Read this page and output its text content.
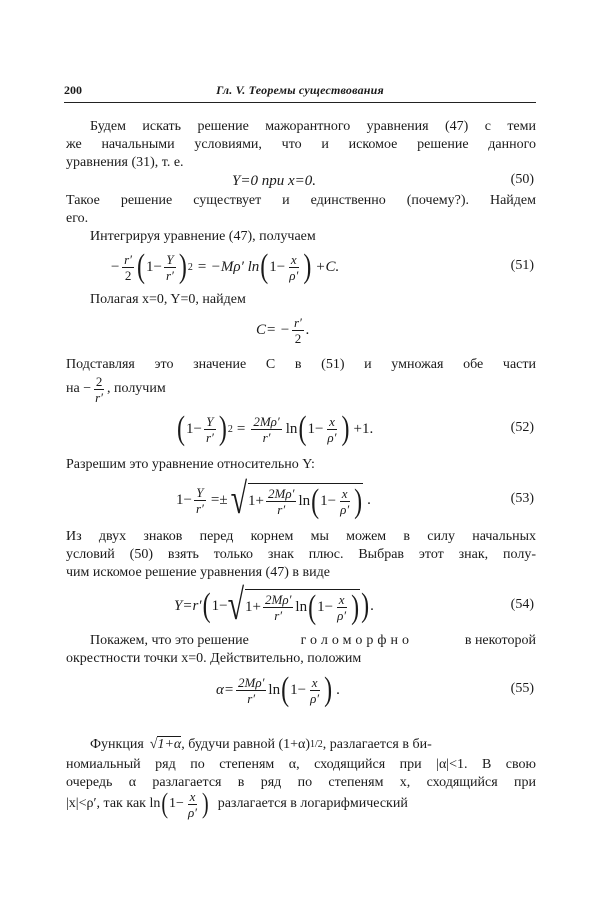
200	Гл. V. Теоремы существования
Будем искать решение мажорантного уравнения (47) с теми
же начальными условиями, что и искомое решение данного
уравнения (31), т. е.
Y=0 при x=0.	(50)
Такое решение существует и единственно (почему?). Найдем
его.
Интегрируя уравнение (47), получаем
− $\frac{r'}{2}$ ( $1- \frac{Y}{r'}$ ) 2 = −Mρ′ ln ( $1- \frac{x}{\rho'}$ ) +C.	(51)
Полагая x=0, Y=0, найдем
$C= - \frac{r'}{2}$ .
Подставляя это значение C в (51) и умножая обе части
на − $\frac{2}{r'}$ , получим
( $1- \frac{Y}{r'}$ ) $2 = \frac{2M\rho'}{r'}$ ln ( $1- \frac{x}{\rho'}$ ) +1.	(52)
Разрешим это уравнение относительно Y:
$1- \frac{Y}{r'}$ =± √ $1+ \frac{2M\rho'}{r'}$ ln ( $1- \frac{x}{\rho'}$ ) .	(53)
Из двух знаков перед корнем мы можем в силу начальных
условий (50) взять только знак плюс. Выбрав этот знак, полу-
чим искомое решение уравнения (47) в виде
Y=r′ ( 1− √ $1+ \frac{2M\rho'}{r'}$ ln ( $1- \frac{x}{\rho'}$ ) ) .	(54)
Покажем, что это решение	голоморфно	в некоторой
окрестности точки x=0. Действительно, положим
$\alpha= \frac{2M\rho'}{r'}$ ln ( $1- \frac{x}{\rho'}$ ) .	(55)
Функция √1+α , будучи равной (1+α) 1/2 , разлагается в би-
номиальный ряд по степеням α, сходящийся при |α|<1. В свою
очередь α разлагается в ряд по степеням x, сходящийся при
|x|<ρ′, так как ln ( $1- \frac{x}{\rho'}$ ) разлагается в логарифмический
